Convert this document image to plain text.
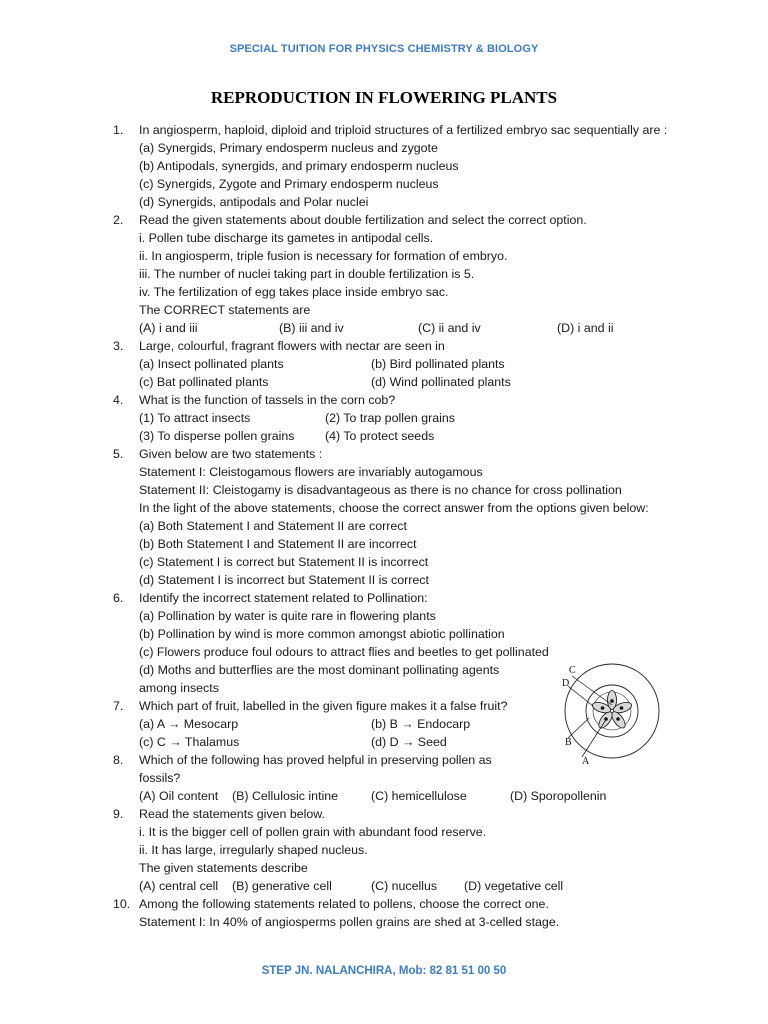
SPECIAL TUITION FOR PHYSICS CHEMISTRY & BIOLOGY
REPRODUCTION IN FLOWERING PLANTS
1. In angiosperm, haploid, diploid and triploid structures of a fertilized embryo sac sequentially are :
(a) Synergids, Primary endosperm nucleus and zygote
(b) Antipodals, synergids, and primary endosperm nucleus
(c) Synergids, Zygote and Primary endosperm nucleus
(d) Synergids, antipodals and Polar nuclei
2. Read the given statements about double fertilization and select the correct option.
i. Pollen tube discharge its gametes in antipodal cells.
ii. In angiosperm, triple fusion is necessary for formation of embryo.
iii. The number of nuclei taking part in double fertilization is 5.
iv. The fertilization of egg takes place inside embryo sac.
The CORRECT statements are
(A) i and iii	(B) iii and iv	(C) ii and iv	(D) i and ii
3. Large, colourful, fragrant flowers with nectar are seen in
(a) Insect pollinated plants	(b) Bird pollinated plants
(c) Bat pollinated plants	(d) Wind pollinated plants
4. What is the function of tassels in the corn cob?
(1) To attract insects	(2) To trap pollen grains
(3) To disperse pollen grains (4) To protect seeds
5. Given below are two statements :
Statement I: Cleistogamous flowers are invariably autogamous
Statement II: Cleistogamy is disadvantageous as there is no chance for cross pollination
In the light of the above statements, choose the correct answer from the options given below:
(a) Both Statement I and Statement II are correct
(b) Both Statement I and Statement II are incorrect
(c) Statement I is correct but Statement II is incorrect
(d) Statement I is incorrect but Statement II is correct
6. Identify the incorrect statement related to Pollination:
(a) Pollination by water is quite rare in flowering plants
(b) Pollination by wind is more common amongst abiotic pollination
(c) Flowers produce foul odours to attract flies and beetles to get pollinated
(d) Moths and butterflies are the most dominant pollinating agents
among insects
7. Which part of fruit, labelled in the given figure makes it a false fruit?
(a) A → Mesocarp	(b) B → Endocarp
(c) C → Thalamus	(d) D → Seed
8. Which of the following has proved helpful in preserving pollen as
fossils?
(A) Oil content (B) Cellulosic intine	(C) hemicellulose	(D) Sporopollenin
9. Read the statements given below.
i. It is the bigger cell of pollen grain with abundant food reserve.
ii. It has large, irregularly shaped nucleus.
The given statements describe
(A) central cell (B) generative cell	(C) nucellus (D) vegetative cell
10. Among the following statements related to pollens, choose the correct one.
Statement I: In 40% of angiosperms pollen grains are shed at 3-celled stage.
C
D
B
A
STEP JN. NALANCHIRA, Mob: 82 81 51 00 50
